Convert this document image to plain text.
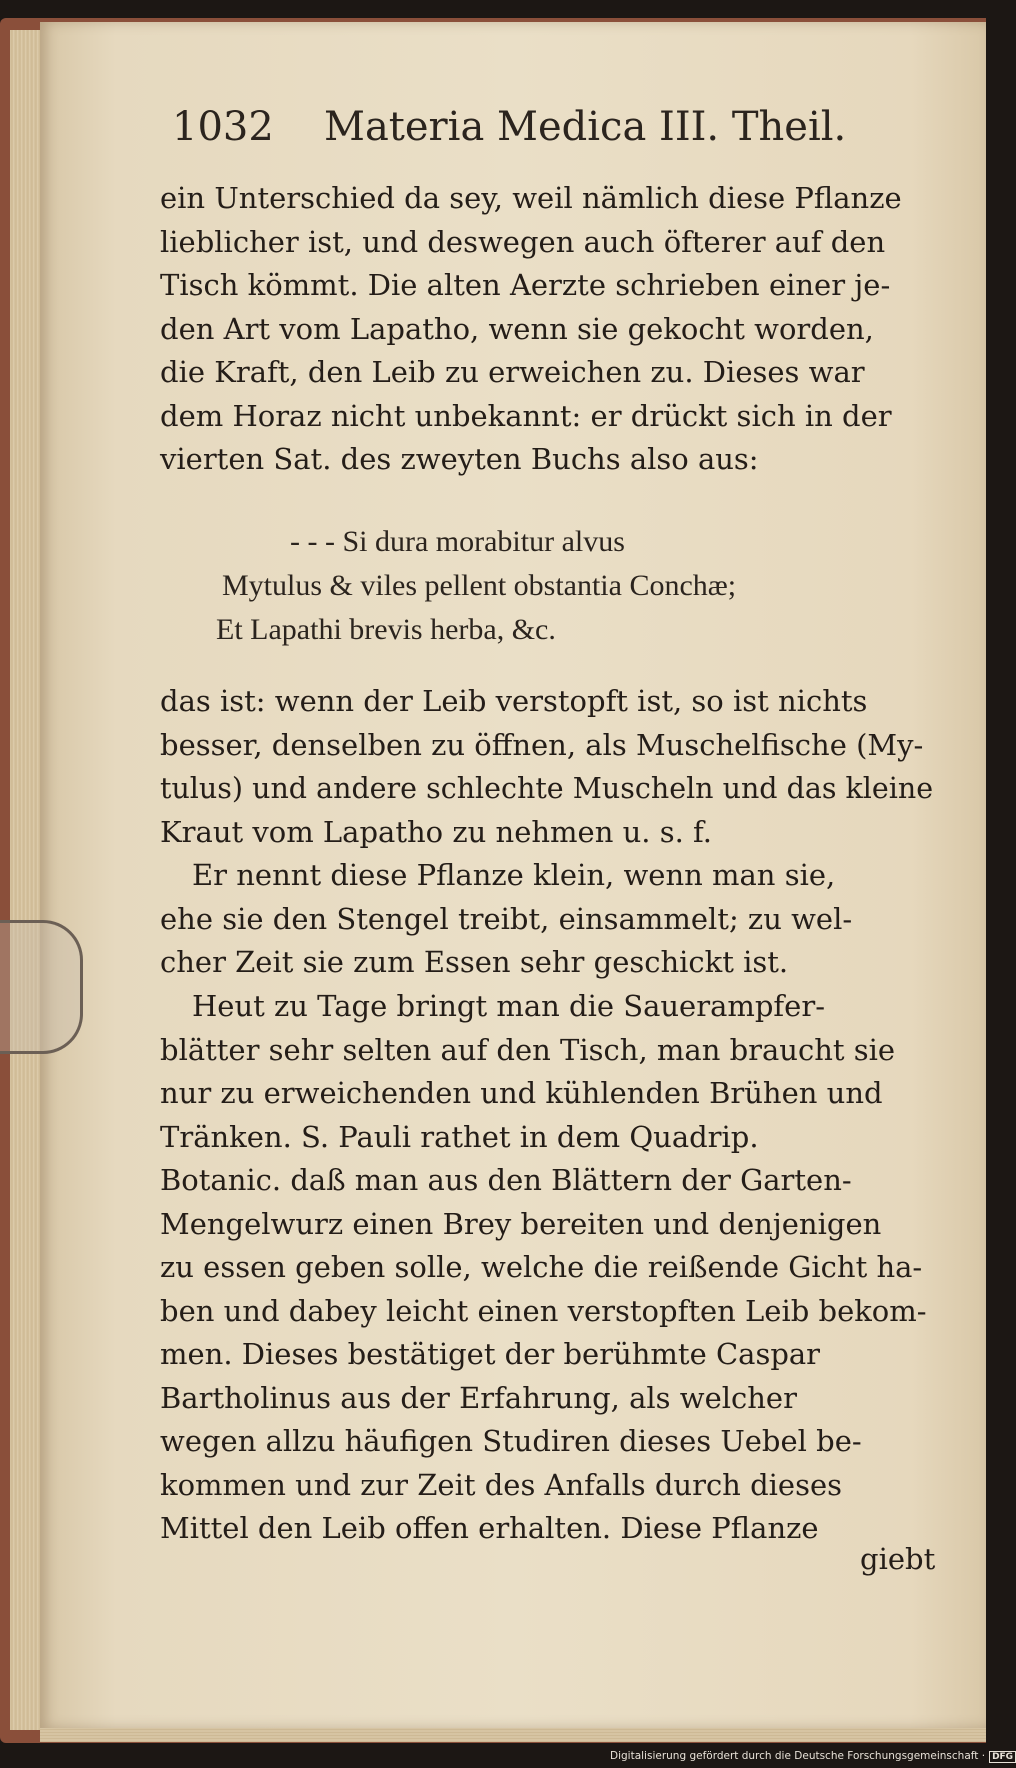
1032 Materia Medica III. Theil.
ein Unterschied da sey, weil nämlich diese Pflanze
lieblicher ist, und deswegen auch öfterer auf den
Tisch kömmt. Die alten Aerzte schrieben einer je-
den Art vom Lapatho, wenn sie gekocht worden,
die Kraft, den Leib zu erweichen zu. Dieses war
dem Horaz nicht unbekannt: er drückt sich in der
vierten Sat. des zweyten Buchs also aus:
- - - Si dura morabitur alvus
Mytulus & viles pellent obstantia Conchæ;
Et Lapathi brevis herba, &c.
das ist: wenn der Leib verstopft ist, so ist nichts
besser, denselben zu öffnen, als Muschelfische (My-
tulus) und andere schlechte Muscheln und das kleine
Kraut vom Lapatho zu nehmen u. s. f.
Er nennt diese Pflanze klein, wenn man sie,
ehe sie den Stengel treibt, einsammelt; zu wel-
cher Zeit sie zum Essen sehr geschickt ist.
Heut zu Tage bringt man die Sauerampfer-
blätter sehr selten auf den Tisch, man braucht sie
nur zu erweichenden und kühlenden Brühen und
Tränken. S. Pauli rathet in dem Quadrip.
Botanic. daß man aus den Blättern der Garten-
Mengelwurz einen Brey bereiten und denjenigen
zu essen geben solle, welche die reißende Gicht ha-
ben und dabey leicht einen verstopften Leib bekom-
men. Dieses bestätiget der berühmte Caspar
Bartholinus aus der Erfahrung, als welcher
wegen allzu häufigen Studiren dieses Uebel be-
kommen und zur Zeit des Anfalls durch dieses
Mittel den Leib offen erhalten. Diese Pflanze
giebt
Digitalisierung gefördert durch die Deutsche Forschungsgemeinschaft · DFG
